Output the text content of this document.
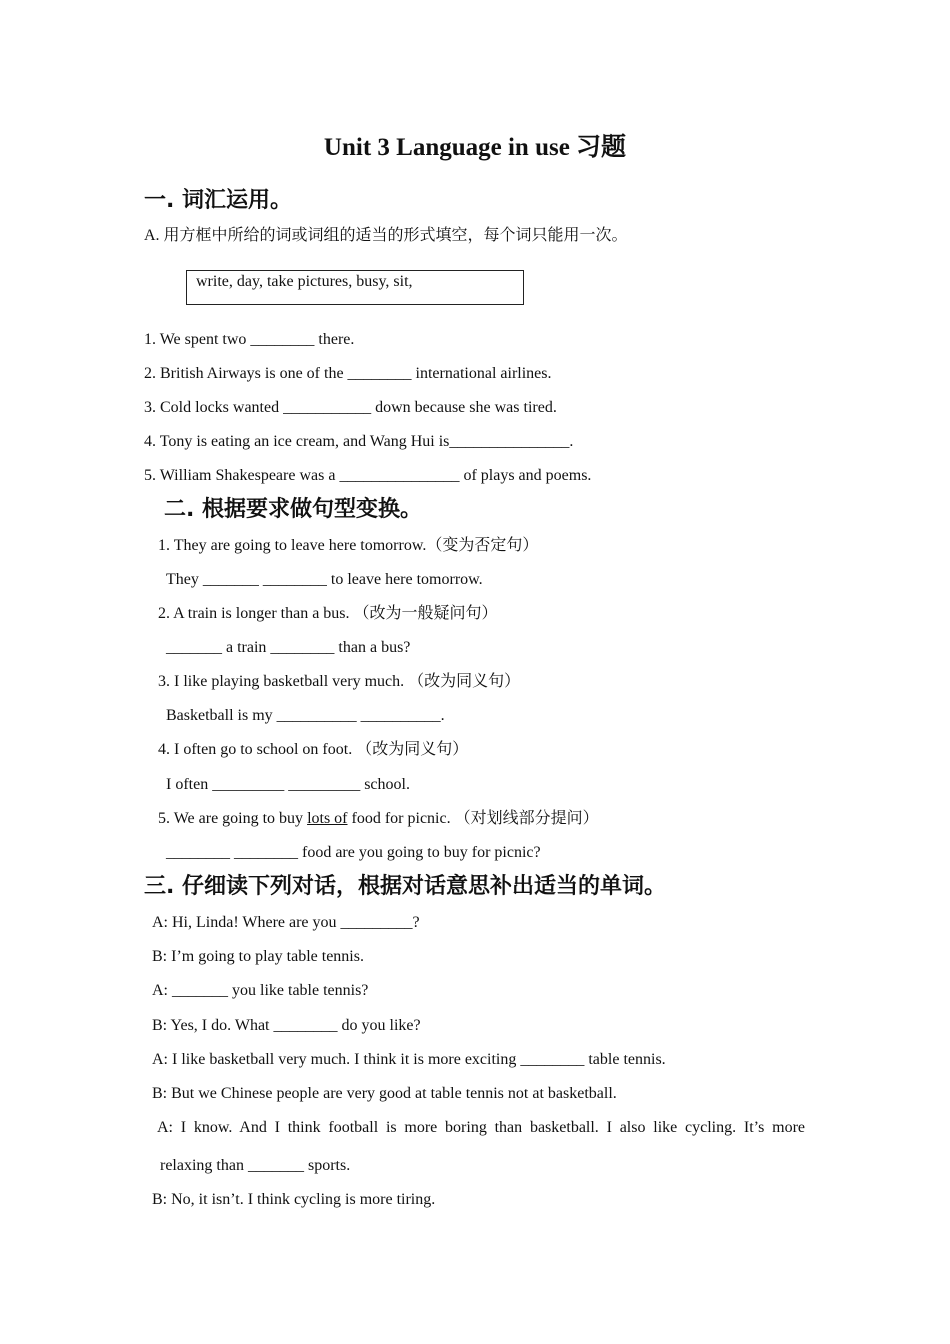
Unit 3 Language in use 习题
一. 词汇运用。
A. 用方框中所给的词或词组的适当的形式填空，每个词只能用一次。
write, day, take pictures, busy, sit,
1. We spent two ________ there.
2. British Airways is one of the ________ international airlines.
3. Cold locks wanted ___________ down because she was tired.
4. Tony is eating an ice cream, and Wang Hui is_______________.
5. William Shakespeare was a _______________ of plays and poems.
二. 根据要求做句型变换。
1. They are going to leave here tomorrow.（变为否定句）
They _______ ________ to leave here tomorrow.
2. A train is longer than a bus. （改为一般疑问句）
_______ a train ________ than a bus?
3. I like playing basketball very much. （改为同义句）
Basketball is my __________ __________.
4. I often go to school on foot. （改为同义句）
I often _________ _________ school.
5. We are going to buy lots of food for picnic. （对划线部分提问）
________ ________ food are you going to buy for picnic?
三. 仔细读下列对话，根据对话意思补出适当的单词。
A: Hi, Linda! Where are you _________?
B: I’m going to play table tennis.
A: _______ you like table tennis?
B: Yes, I do. What ________ do you like?
A: I like basketball very much. I think it is more exciting ________ table tennis.
B: But we Chinese people are very good at table tennis not at basketball.
A: I know. And I think football is more boring than basketball. I also like cycling. It’s more
relaxing than _______ sports.
B: No, it isn’t. I think cycling is more tiring.
